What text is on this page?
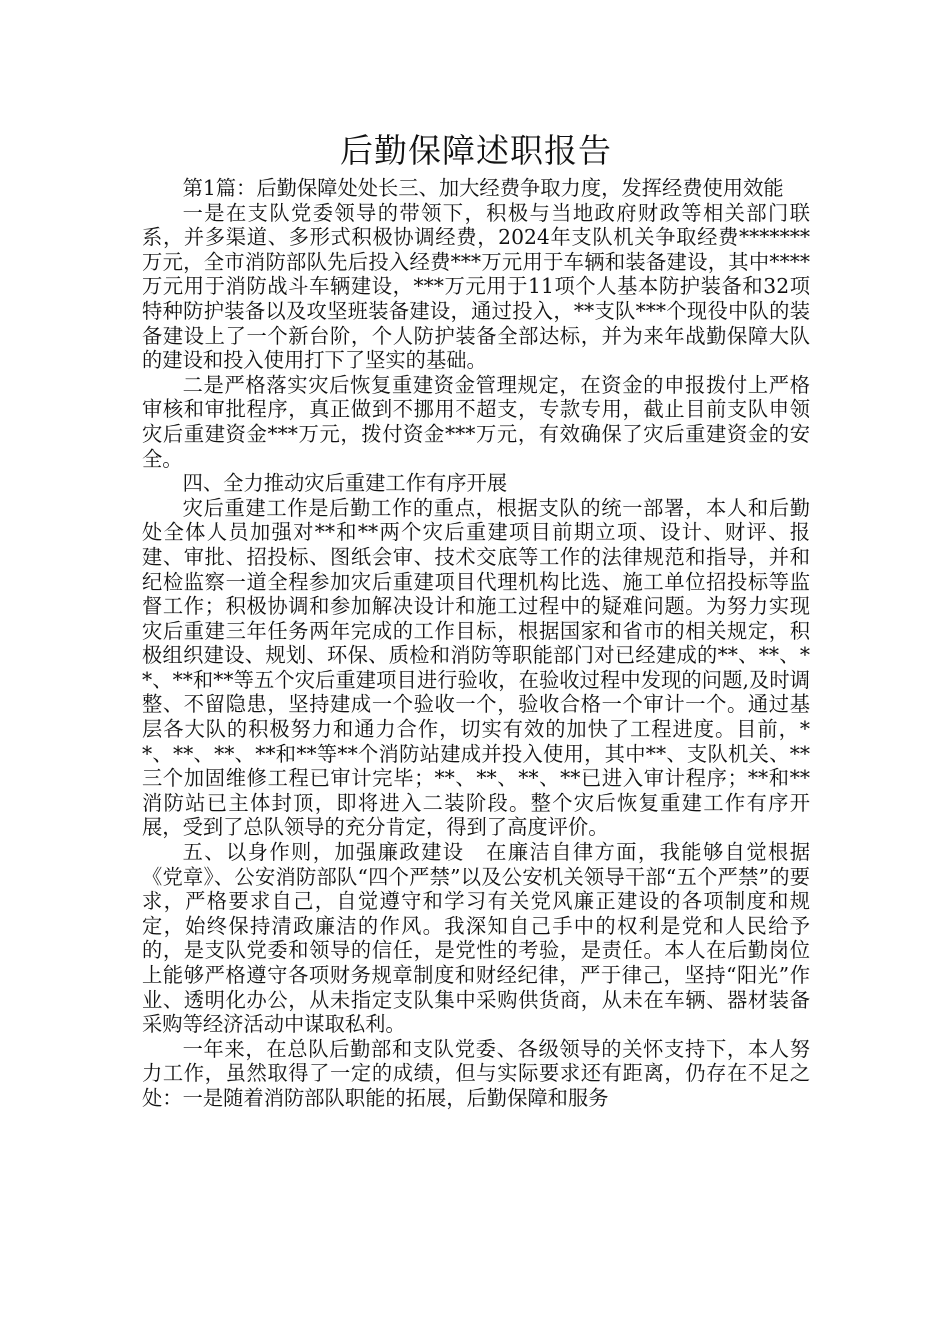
后勤保障述职报告

第1篇：后勤保障处处长三、加大经费争取力度，发挥经费使用效能

一是在支队党委领导的带领下，积极与当地政府财政等相关部门联系，并多渠道、多形式积极协调经费，2024年支队机关争取经费*******万元，全市消防部队先后投入经费***万元用于车辆和装备建设，其中****万元用于消防战斗车辆建设，***万元用于11项个人基本防护装备和32项特种防护装备以及攻坚班装备建设，通过投入，**支队***个现役中队的装备建设上了一个新台阶，个人防护装备全部达标，并为来年战勤保障大队的建设和投入使用打下了坚实的基础。

二是严格落实灾后恢复重建资金管理规定，在资金的申报拨付上严格审核和审批程序，真正做到不挪用不超支，专款专用，截止目前支队申领灾后重建资金***万元，拨付资金***万元，有效确保了灾后重建资金的安全。

四、全力推动灾后重建工作有序开展

灾后重建工作是后勤工作的重点，根据支队的统一部署，本人和后勤处全体人员加强对**和**两个灾后重建项目前期立项、设计、财评、报建、审批、招投标、图纸会审、技术交底等工作的法律规范和指导，并和纪检监察一道全程参加灾后重建项目代理机构比选、施工单位招投标等监督工作；积极协调和参加解决设计和施工过程中的疑难问题。为努力实现灾后重建三年任务两年完成的工作目标，根据国家和省市的相关规定，积极组织建设、规划、环保、质检和消防等职能部门对已经建成的**、**、**、**和**等五个灾后重建项目进行验收，在验收过程中发现的问题,及时调整、不留隐患，坚持建成一个验收一个，验收合格一个审计一个。通过基层各大队的积极努力和通力合作，切实有效的加快了工程进度。目前，**、**、**、**和**等**个消防站建成并投入使用，其中**、支队机关、**三个加固维修工程已审计完毕；**、**、**、**已进入审计程序；**和**消防站已主体封顶，即将进入二装阶段。整个灾后恢复重建工作有序开展，受到了总队领导的充分肯定，得到了高度评价。

五、以身作则，加强廉政建设　在廉洁自律方面，我能够自觉根据《党章》、公安消防部队“四个严禁”以及公安机关领导干部“五个严禁”的要求，严格要求自己，自觉遵守和学习有关党风廉正建设的各项制度和规定，始终保持清政廉洁的作风。我深知自己手中的权利是党和人民给予的，是支队党委和领导的信任，是党性的考验，是责任。本人在后勤岗位上能够严格遵守各项财务规章制度和财经纪律，严于律己，坚持“阳光”作业、透明化办公，从未指定支队集中采购供货商，从未在车辆、器材装备采购等经济活动中谋取私利。

一年来，在总队后勤部和支队党委、各级领导的关怀支持下，本人努力工作，虽然取得了一定的成绩，但与实际要求还有距离，仍存在不足之处：一是随着消防部队职能的拓展，后勤保障和服务
